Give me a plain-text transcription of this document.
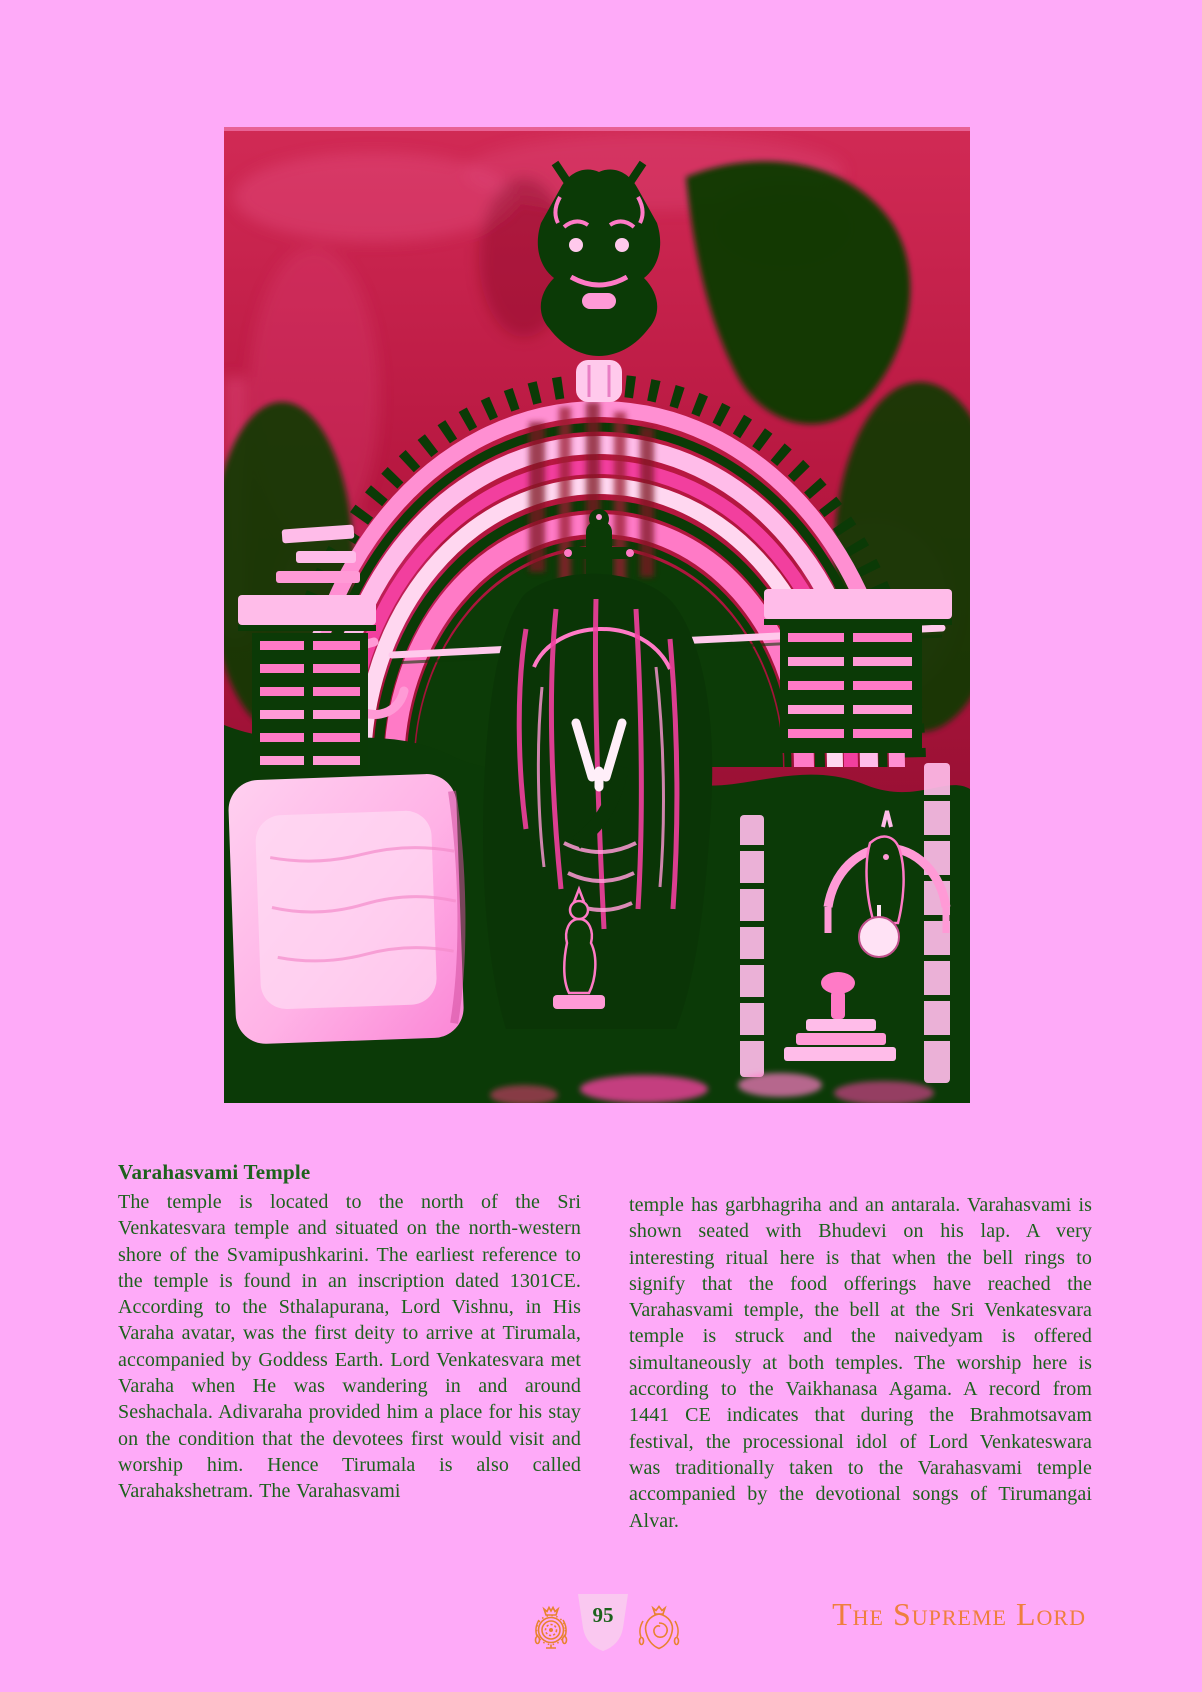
Varahasvami Temple

The temple is located to the north of the Sri Venkatesvara temple and situated on the north-western shore of the Svamipushkarini. The earliest reference to the temple is found in an inscription dated 1301CE. According to the Sthalapurana, Lord Vishnu, in His Varaha avatar, was the first deity to arrive at Tirumala, accompanied by Goddess Earth. Lord Venkatesvara met Varaha when He was wandering in and around Seshachala. Adivaraha provided him a place for his stay on the condition that the devotees first would visit and worship him. Hence Tirumala is also called Varahakshetram. The Varahasvami

temple has garbhagriha and an antarala. Varahasvami is shown seated with Bhudevi on his lap. A very interesting ritual here is that when the bell rings to signify that the food offerings have reached the Varahasvami temple, the bell at the Sri Venkatesvara temple is struck and the naivedyam is offered simultaneously at both temples. The worship here is according to the Vaikhanasa Agama. A record from 1441 CE indicates that during the Brahmotsavam festival, the processional idol of Lord Venkateswara was traditionally taken to the Varahasvami temple accompanied by the devotional songs of Tirumangai Alvar.

95	The Supreme Lord
